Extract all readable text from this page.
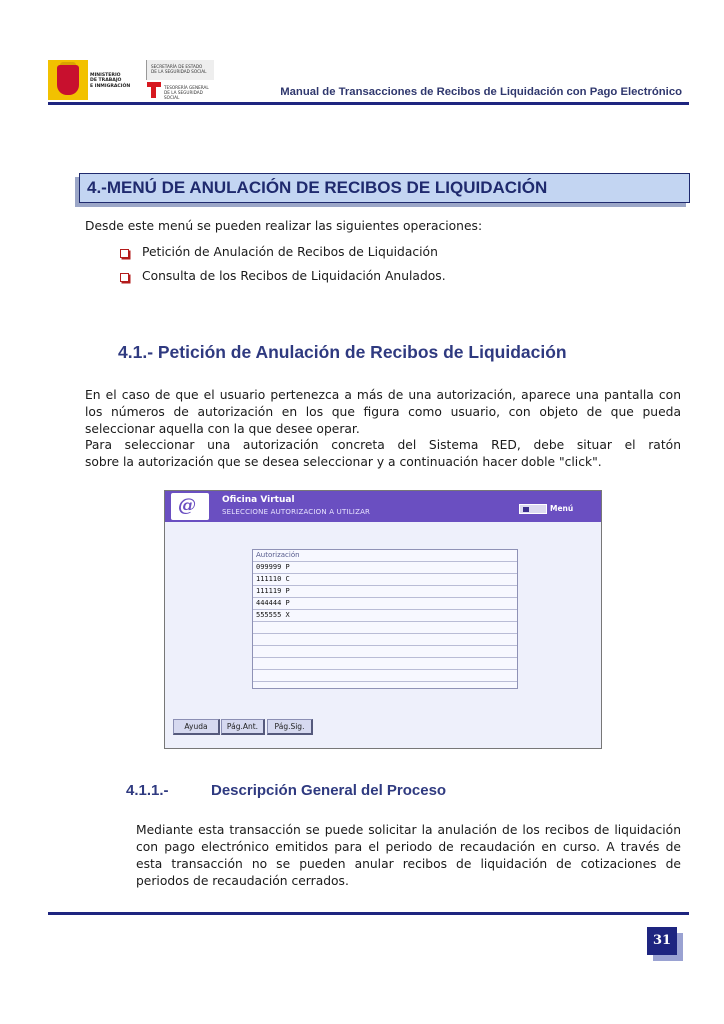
MINISTERIO
DE TRABAJO
E INMIGRACIÓN
SECRETARÍA DE ESTADO
DE LA SEGURIDAD SOCIAL
TESORERÍA GENERAL
DE LA SEGURIDAD SOCIAL	Manual de Transacciones de Recibos de Liquidación con Pago Electrónico
4.-MENÚ DE ANULACIÓN DE RECIBOS DE LIQUIDACIÓN
Desde este menú se pueden realizar las siguientes operaciones:
Petición de Anulación de Recibos de Liquidación
Consulta de los Recibos de Liquidación Anulados.
4.1.- Petición de Anulación de Recibos de Liquidación
En el caso de que el usuario pertenezca a más de una autorización, aparece una pantalla con los números de autorización en los que figura como usuario, con objeto de que pueda seleccionar aquella con la que desee operar.
Para seleccionar una autorización concreta del Sistema RED, debe situar el ratón
sobre la autorización que se desea seleccionar y a continuación hacer doble "click".
@	Oficina Virtual
SELECCIONE AUTORIZACION A UTILIZAR	Menú
Autorización
099999 P
111110 C
111119 P
444444 P
555555 X
Ayuda	Pág.Ant.	Pág.Sig.
4.1.1.-	Descripción General del Proceso
Mediante esta transacción se puede solicitar la anulación de los recibos de liquidación con pago electrónico emitidos para el periodo de recaudación en curso. A través de esta transacción no se pueden anular recibos de liquidación de cotizaciones de periodos de recaudación cerrados.
31
